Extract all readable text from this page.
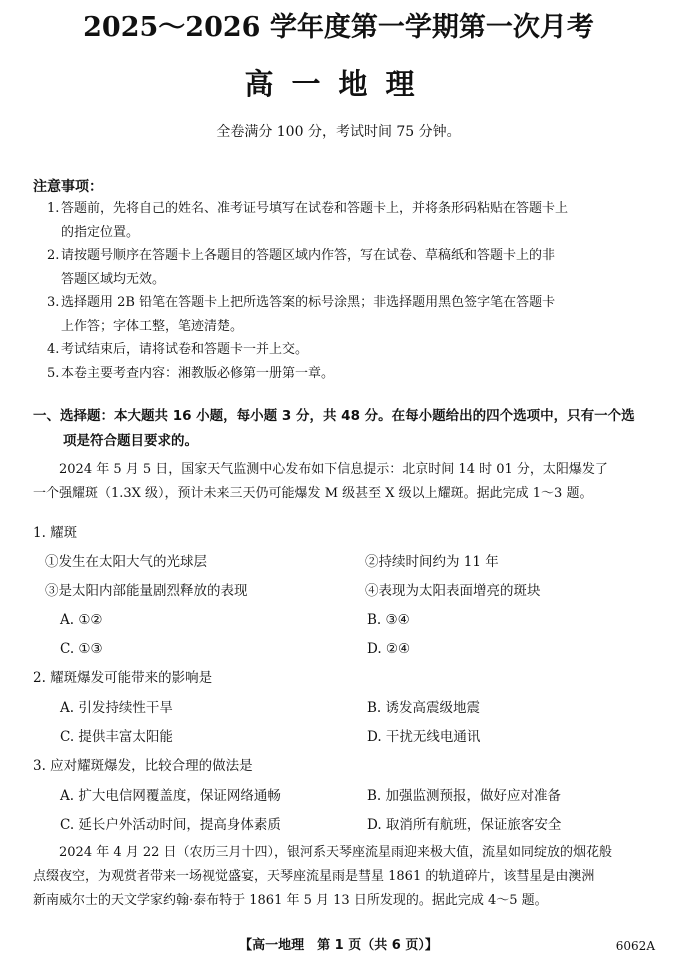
2025～2026 学年度第一学期第一次月考
高一地理
全卷满分 100 分，考试时间 75 分钟。
注意事项：
1. 答题前，先将自己的姓名、准考证号填写在试卷和答题卡上，并将条形码粘贴在答题卡上
的指定位置。
2. 请按题号顺序在答题卡上各题目的答题区域内作答，写在试卷、草稿纸和答题卡上的非
答题区域均无效。
3. 选择题用 2B 铅笔在答题卡上把所选答案的标号涂黑；非选择题用黑色签字笔在答题卡
上作答；字体工整，笔迹清楚。
4. 考试结束后，请将试卷和答题卡一并上交。
5. 本卷主要考查内容：湘教版必修第一册第一章。
一、选择题：本大题共 16 小题，每小题 3 分，共 48 分。在每小题给出的四个选项中，只有一个选
项是符合题目要求的。
2024 年 5 月 5 日，国家天气监测中心发布如下信息提示：北京时间 14 时 01 分，太阳爆发了
一个强耀斑（1.3X 级），预计未来三天仍可能爆发 M 级甚至 X 级以上耀斑。据此完成 1～3 题。
1. 耀斑
①发生在太阳大气的光球层	②持续时间约为 11 年
③是太阳内部能量剧烈释放的表现	④表现为太阳表面增亮的斑块
A. ①②	B. ③④
C. ①③	D. ②④
2. 耀斑爆发可能带来的影响是
A. 引发持续性干旱	B. 诱发高震级地震
C. 提供丰富太阳能	D. 干扰无线电通讯
3. 应对耀斑爆发，比较合理的做法是
A. 扩大电信网覆盖度，保证网络通畅	B. 加强监测预报，做好应对准备
C. 延长户外活动时间，提高身体素质	D. 取消所有航班，保证旅客安全
2024 年 4 月 22 日（农历三月十四），银河系天琴座流星雨迎来极大值，流星如同绽放的烟花般
点缀夜空，为观赏者带来一场视觉盛宴，天琴座流星雨是彗星 1861 的轨道碎片，该彗星是由澳洲
新南威尔士的天文学家约翰·泰布特于 1861 年 5 月 13 日所发现的。据此完成 4～5 题。
【高一地理　第 1 页（共 6 页）】	6062A
